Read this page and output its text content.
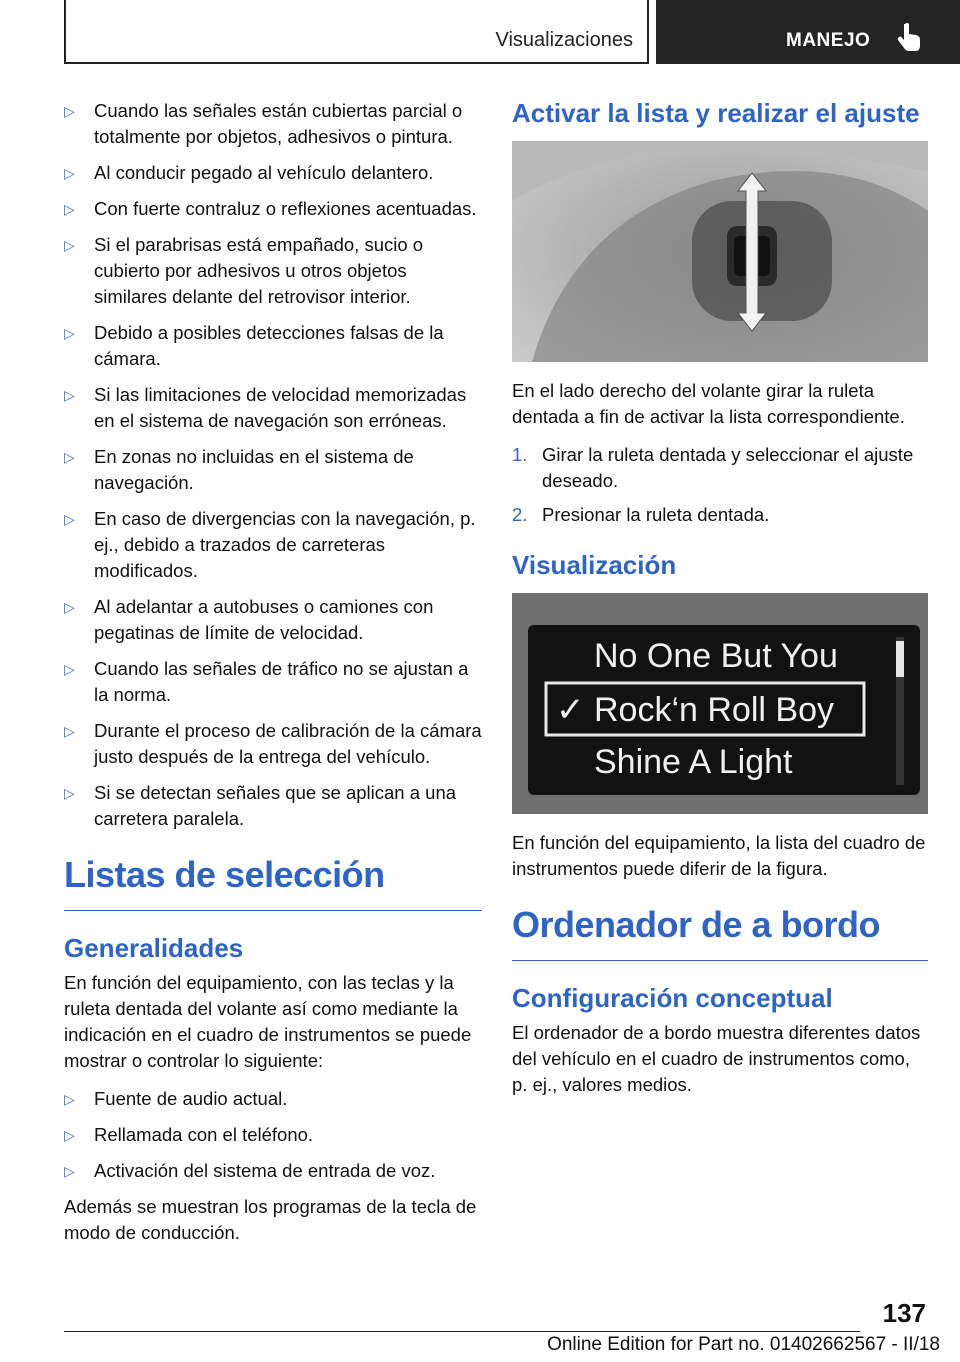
Visualizaciones	MANEJO
▷ Cuando las señales están cubiertas parcial o totalmente por objetos, adhesivos o pintura.
▷ Al conducir pegado al vehículo delantero.
▷ Con fuerte contraluz o reflexiones acentuadas.
▷ Si el parabrisas está empañado, sucio o cubierto por adhesivos u otros objetos similares delante del retrovisor interior.
▷ Debido a posibles detecciones falsas de la cámara.
▷ Si las limitaciones de velocidad memorizadas en el sistema de navegación son erróneas.
▷ En zonas no incluidas en el sistema de navegación.
▷ En caso de divergencias con la navegación, p. ej., debido a trazados de carreteras modificados.
▷ Al adelantar a autobuses o camiones con pegatinas de límite de velocidad.
▷ Cuando las señales de tráfico no se ajustan a la norma.
▷ Durante el proceso de calibración de la cámara justo después de la entrega del vehículo.
▷ Si se detectan señales que se aplican a una carretera paralela.
Listas de selección
Generalidades

En función del equipamiento, con las teclas y la ruleta dentada del volante así como mediante la indicación en el cuadro de instrumentos se puede mostrar o controlar lo siguiente:

▷ Fuente de audio actual.
▷ Rellamada con el teléfono.
▷ Activación del sistema de entrada de voz.

Además se muestran los programas de la tecla de modo de conducción.

Activar la lista y realizar el ajuste

En el lado derecho del volante girar la ruleta dentada a fin de activar la lista correspondiente.

1. Girar la ruleta dentada y seleccionar el ajuste deseado.
2. Presionar la ruleta dentada.
Visualización
No One But You
✓ Rock‘n Roll Boy
Shine A Light

En función del equipamiento, la lista del cuadro de instrumentos puede diferir de la figura.

Ordenador de a bordo
Configuración conceptual

El ordenador de a bordo muestra diferentes datos del vehículo en el cuadro de instrumentos como, p. ej., valores medios.

137
Online Edition for Part no. 01402662567 - II/18
